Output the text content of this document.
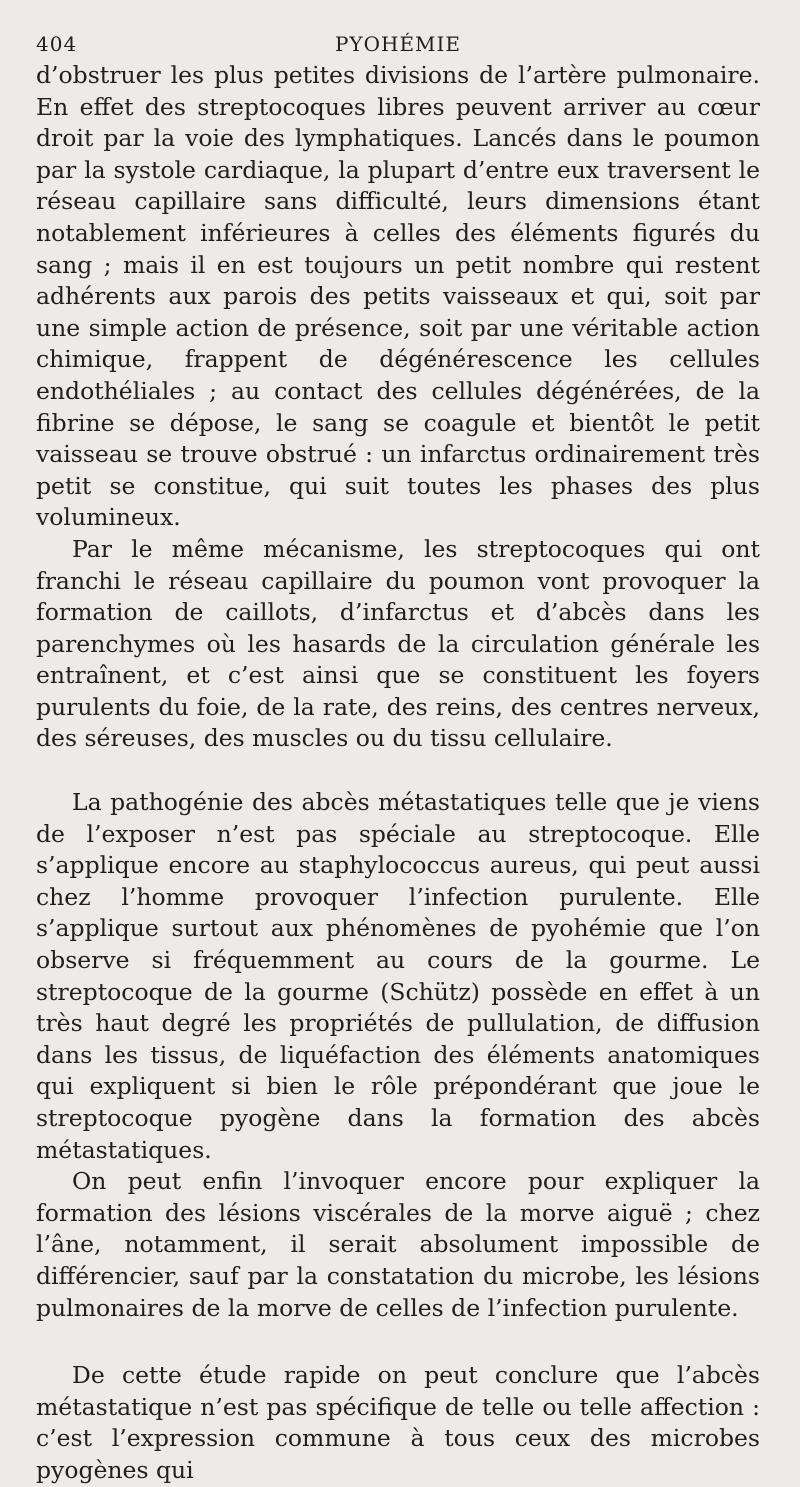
404	PYOHÉMIE

d’obstruer les plus petites divisions de l’artère pulmonaire. En effet des streptocoques libres peuvent arriver au cœur droit par la voie des lymphatiques. Lancés dans le poumon par la systole cardiaque, la plupart d’entre eux traversent le réseau capillaire sans difficulté, leurs dimensions étant notablement inférieures à celles des éléments figurés du sang ; mais il en est toujours un petit nombre qui restent adhérents aux parois des petits vaisseaux et qui, soit par une simple action de présence, soit par une véritable action chimique, frappent de dégénérescence les cellules endothéliales ; au contact des cellules dégénérées, de la fibrine se dépose, le sang se coagule et bientôt le petit vaisseau se trouve obstrué : un infarctus ordinairement très petit se constitue, qui suit toutes les phases des plus volumineux.

Par le même mécanisme, les streptocoques qui ont franchi le réseau capillaire du poumon vont provoquer la formation de caillots, d’infarctus et d’abcès dans les parenchymes où les hasards de la circulation générale les entraînent, et c’est ainsi que se constituent les foyers purulents du foie, de la rate, des reins, des centres nerveux, des séreuses, des muscles ou du tissu cellulaire.

La pathogénie des abcès métastatiques telle que je viens de l’exposer n’est pas spéciale au streptocoque. Elle s’applique encore au staphylococcus aureus, qui peut aussi chez l’homme provoquer l’infection purulente. Elle s’applique surtout aux phénomènes de pyohémie que l’on observe si fréquemment au cours de la gourme. Le streptocoque de la gourme (Schütz) possède en effet à un très haut degré les propriétés de pullulation, de diffusion dans les tissus, de liquéfaction des éléments anatomiques qui expliquent si bien le rôle prépondérant que joue le streptocoque pyogène dans la formation des abcès métastatiques.

On peut enfin l’invoquer encore pour expliquer la formation des lésions viscérales de la morve aiguë ; chez l’âne, notamment, il serait absolument impossible de différencier, sauf par la constatation du microbe, les lésions pulmonaires de la morve de celles de l’infection purulente.

De cette étude rapide on peut conclure que l’abcès métastatique n’est pas spécifique de telle ou telle affection : c’est l’expression commune à tous ceux des microbes pyogènes qui
